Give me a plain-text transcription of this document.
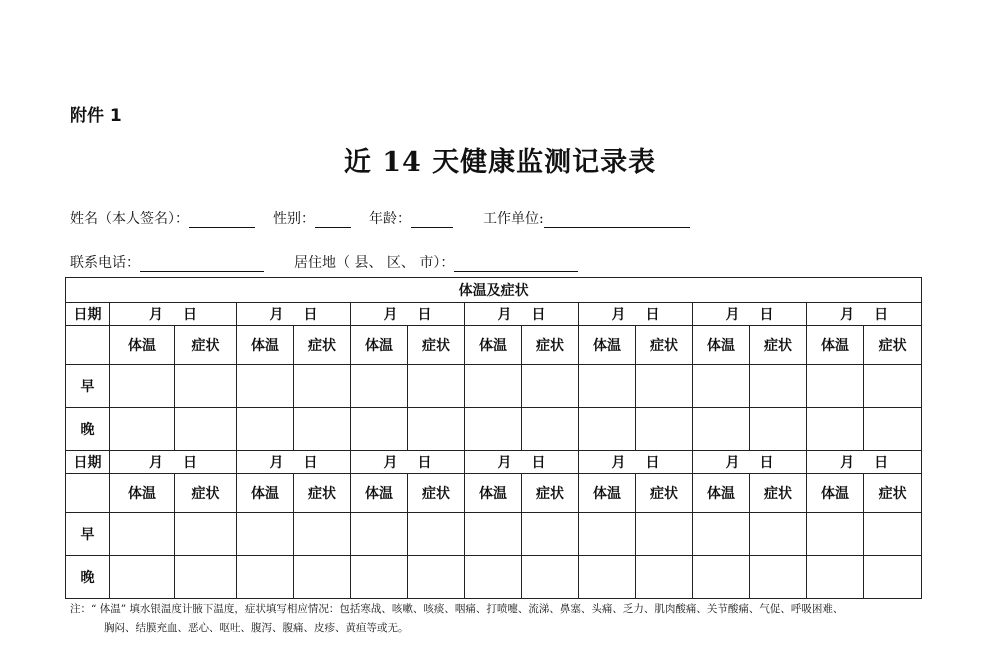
附件 1
近 14 天健康监测记录表
姓名（本人签名）：	性别：	年龄：	工作单位:
联系电话：	居住地（ 县、 区、 市）：
体温及症状														
日期	月 日		月 日		月 日		月 日		月 日		月 日		月 日	

	体温	症状	体温	症状	体温	症状	体温	症状	体温	症状	体温	症状	体温	症状
早														
晚														
日期	月 日		月 日		月 日		月 日		月 日		月 日		月 日	

	体温	症状	体温	症状	体温	症状	体温	症状	体温	症状	体温	症状	体温	症状
早														
晚														
注：“ 体温” 填水银温度计腋下温度，症状填写相应情况：包括寒战、咳嗽、咳痰、咽痛、打喷嚏、流涕、鼻塞、头痛、乏力、肌肉酸痛、关节酸痛、气促、呼吸困难、
胸闷、结膜充血、恶心、呕吐、腹泻、腹痛、皮疹、黄疸等或无。
